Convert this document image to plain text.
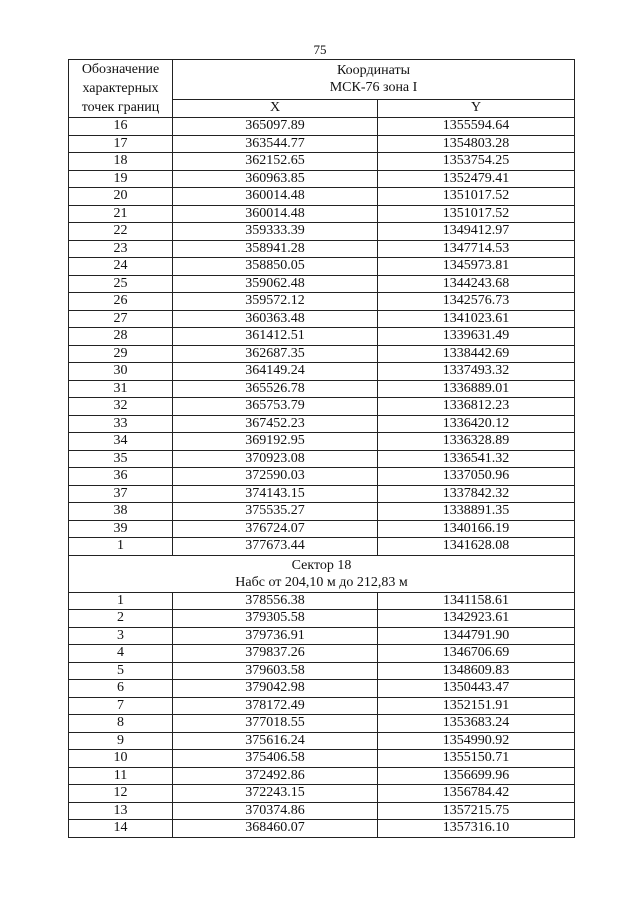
75
Обозначение
характерных
точек границ	Координаты
МСК-76 зона I	
	X	Y
16	365097.89	1355594.64
17	363544.77	1354803.28
18	362152.65	1353754.25
19	360963.85	1352479.41
20	360014.48	1351017.52
21	360014.48	1351017.52
22	359333.39	1349412.97
23	358941.28	1347714.53
24	358850.05	1345973.81
25	359062.48	1344243.68
26	359572.12	1342576.73
27	360363.48	1341023.61
28	361412.51	1339631.49
29	362687.35	1338442.69
30	364149.24	1337493.32
31	365526.78	1336889.01
32	365753.79	1336812.23
33	367452.23	1336420.12
34	369192.95	1336328.89
35	370923.08	1336541.32
36	372590.03	1337050.96
37	374143.15	1337842.32
38	375535.27	1338891.35
39	376724.07	1340166.19
1	377673.44	1341628.08
Сектор 18
Набс от 204,10 м до 212,83 м		
1	378556.38	1341158.61
2	379305.58	1342923.61
3	379736.91	1344791.90
4	379837.26	1346706.69
5	379603.58	1348609.83
6	379042.98	1350443.47
7	378172.49	1352151.91
8	377018.55	1353683.24
9	375616.24	1354990.92
10	375406.58	1355150.71
11	372492.86	1356699.96
12	372243.15	1356784.42
13	370374.86	1357215.75
14	368460.07	1357316.10
